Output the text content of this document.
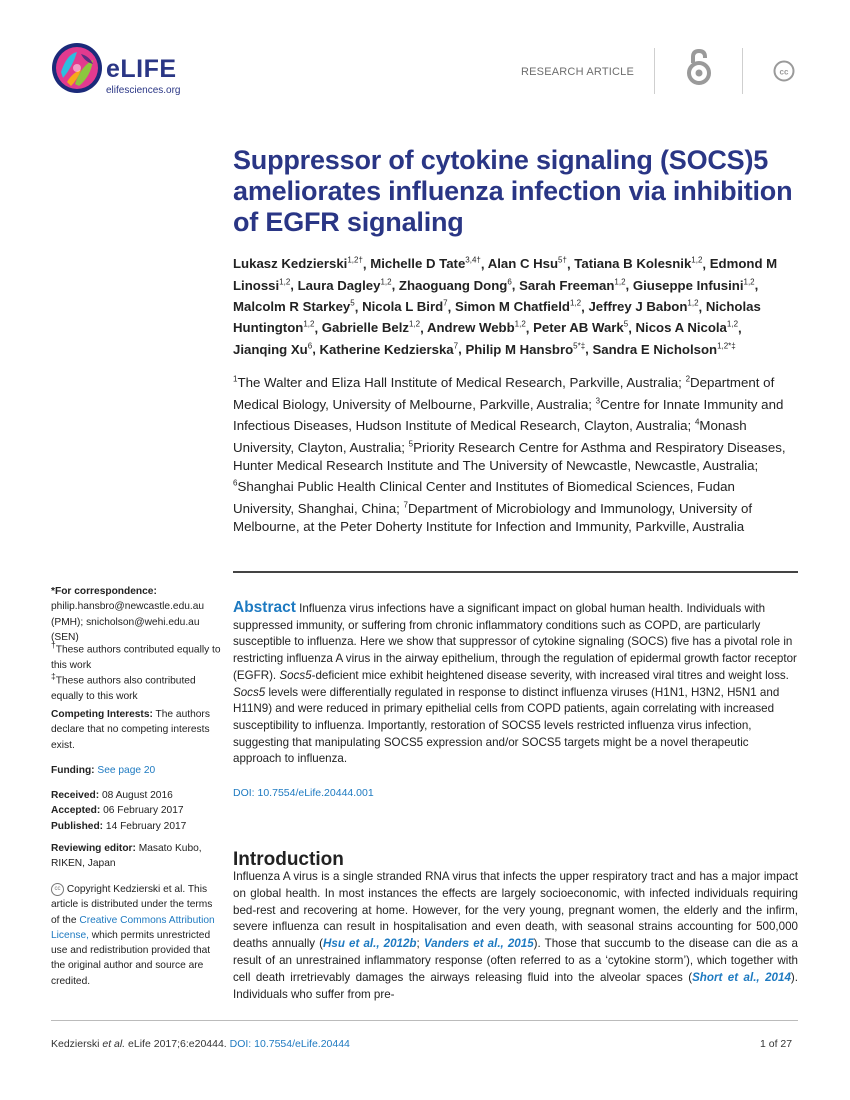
eLIFE
elifesciences.org
RESEARCH ARTICLE	cc
Suppressor of cytokine signaling (SOCS)5 ameliorates influenza infection via inhibition of EGFR signaling
Lukasz Kedzierski$^{1,2\dagger}$, Michelle D Tate$^{3,4\dagger}$, Alan C Hsu$^{5\dagger}$, Tatiana B Kolesnik$^{1,2}$, Edmond M Linossi$^{1,2}$, Laura Dagley$^{1,2}$, Zhaoguang Dong$^6$, Sarah Freeman$^{1,2}$, Giuseppe Infusini$^{1,2}$, Malcolm R Starkey$^5$, Nicola L Bird$^7$, Simon M Chatfield$^{1,2}$, Jeffrey J Babon$^{1,2}$, Nicholas Huntington$^{1,2}$, Gabrielle Belz$^{1,2}$, Andrew Webb$^{1,2}$, Peter AB Wark$^5$, Nicos A Nicola$^{1,2}$, Jianqing Xu$^6$, Katherine Kedzierska$^7$, Philip M Hansbro$^{5*\ddagger}$, Sandra E Nicholson$^{1,2*\ddagger}$
$^1$The Walter and Eliza Hall Institute of Medical Research, Parkville, Australia; $^2$Department of Medical Biology, University of Melbourne, Parkville, Australia; $^3$Centre for Innate Immunity and Infectious Diseases, Hudson Institute of Medical Research, Clayton, Australia; $^4$Monash University, Clayton, Australia; $^5$Priority Research Centre for Asthma and Respiratory Diseases, Hunter Medical Research Institute and The University of Newcastle, Newcastle, Australia; $^6$Shanghai Public Health Clinical Center and Institutes of Biomedical Sciences, Fudan University, Shanghai, China; $^7$Department of Microbiology and Immunology, University of Melbourne, at the Peter Doherty Institute for Infection and Immunity, Parkville, Australia
*For correspondence: philip.hansbro@newcastle.edu.au (PMH); snicholson@wehi.edu.au (SEN)
†These authors contributed equally to this work
‡These authors also contributed equally to this work
Competing Interests: The authors declare that no competing interests exist.
Funding: See page 20
Received: 08 August 2016
Accepted: 06 February 2017
Published: 14 February 2017
Reviewing editor: Masato Kubo, RIKEN, Japan
cc Copyright Kedzierski et al. This article is distributed under the terms of the Creative Commons Attribution License, which permits unrestricted use and redistribution provided that the original author and source are credited.
Abstract Influenza virus infections have a significant impact on global human health. Individuals with suppressed immunity, or suffering from chronic inflammatory conditions such as COPD, are particularly susceptible to influenza. Here we show that suppressor of cytokine signaling (SOCS) five has a pivotal role in restricting influenza A virus in the airway epithelium, through the regulation of epidermal growth factor receptor (EGFR). Socs5-deficient mice exhibit heightened disease severity, with increased viral titres and weight loss. Socs5 levels were differentially regulated in response to distinct influenza viruses (H1N1, H3N2, H5N1 and H11N9) and were reduced in primary epithelial cells from COPD patients, again correlating with increased susceptibility to influenza. Importantly, restoration of SOCS5 levels restricted influenza virus infection, suggesting that manipulating SOCS5 expression and/or SOCS5 targets might be a novel therapeutic approach to influenza.
DOI: 10.7554/eLife.20444.001
Introduction
Influenza A virus is a single stranded RNA virus that infects the upper respiratory tract and has a major impact on global health. In most instances the effects are largely socioeconomic, with infected individuals requiring bed-rest and recovering at home. However, for the very young, pregnant women, the elderly and the infirm, severe influenza can result in hospitalisation and even death, with seasonal strains accounting for 500,000 deaths annually (Hsu et al., 2012b; Vanders et al., 2015). Those that succumb to the disease can die as a result of an unrestrained inflammatory response (often referred to as a ‘cytokine storm’), which together with cell death irretrievably damages the airways releasing fluid into the alveolar spaces (Short et al., 2014). Individuals who suffer from pre-
Kedzierski et al. eLife 2017;6:e20444. DOI: 10.7554/eLife.20444	1 of 27
